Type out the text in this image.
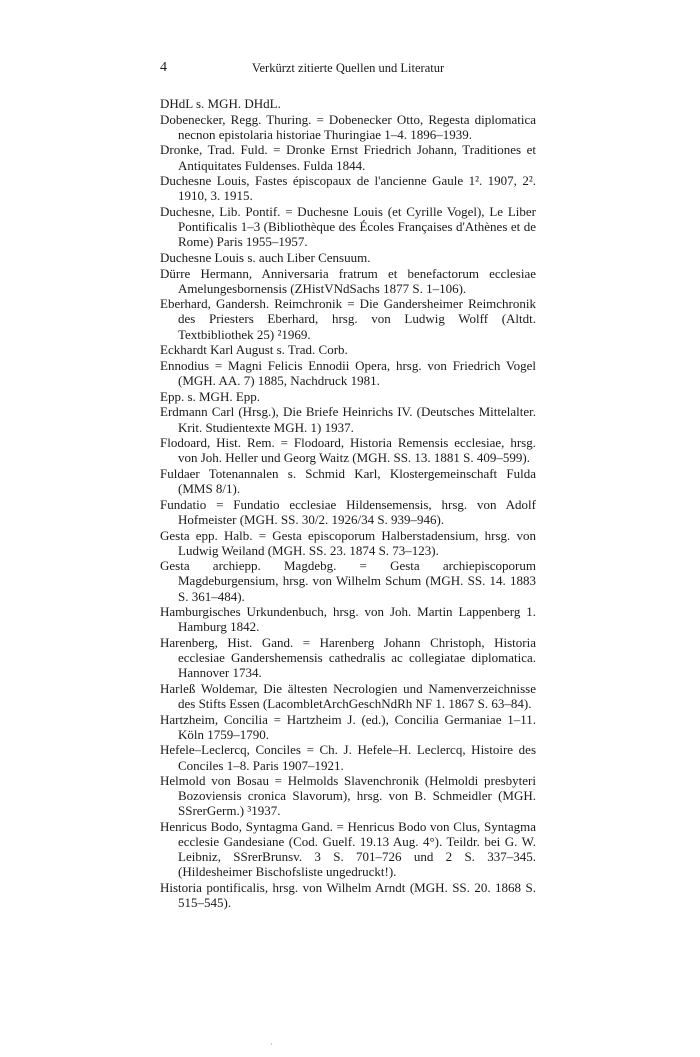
4	Verkürzt zitierte Quellen und Literatur

DHdL s. MGH. DHdL.

Dobenecker, Regg. Thuring. = Dobenecker Otto, Regesta diplomatica necnon epistolaria historiae Thuringiae 1–4. 1896–1939.

Dronke, Trad. Fuld. = Dronke Ernst Friedrich Johann, Traditiones et Antiquitates Fuldenses. Fulda 1844.

Duchesne Louis, Fastes épiscopaux de l'ancienne Gaule 1². 1907, 2². 1910, 3. 1915.

Duchesne, Lib. Pontif. = Duchesne Louis (et Cyrille Vogel), Le Liber Pontificalis 1–3 (Bibliothèque des Écoles Françaises d'Athènes et de Rome) Paris 1955–1957.

Duchesne Louis s. auch Liber Censuum.

Dürre Hermann, Anniversaria fratrum et benefactorum ecclesiae Amelungesbornensis (ZHistVNdSachs 1877 S. 1–106).

Eberhard, Gandersh. Reimchronik = Die Gandersheimer Reimchronik des Priesters Eberhard, hrsg. von Ludwig Wolff (Altdt. Textbibliothek 25) ²1969.

Eckhardt Karl August s. Trad. Corb.

Ennodius = Magni Felicis Ennodii Opera, hrsg. von Friedrich Vogel (MGH. AA. 7) 1885, Nachdruck 1981.

Epp. s. MGH. Epp.

Erdmann Carl (Hrsg.), Die Briefe Heinrichs IV. (Deutsches Mittelalter. Krit. Studientexte MGH. 1) 1937.

Flodoard, Hist. Rem. = Flodoard, Historia Remensis ecclesiae, hrsg. von Joh. Heller und Georg Waitz (MGH. SS. 13. 1881 S. 409–599).

Fuldaer Totenannalen s. Schmid Karl, Klostergemeinschaft Fulda (MMS 8/1).

Fundatio = Fundatio ecclesiae Hildensemensis, hrsg. von Adolf Hofmeister (MGH. SS. 30/2. 1926/34 S. 939–946).

Gesta epp. Halb. = Gesta episcoporum Halberstadensium, hrsg. von Ludwig Weiland (MGH. SS. 23. 1874 S. 73–123).

Gesta archiepp. Magdebg. = Gesta archiepiscoporum Magdeburgensium, hrsg. von Wilhelm Schum (MGH. SS. 14. 1883 S. 361–484).

Hamburgisches Urkundenbuch, hrsg. von Joh. Martin Lappenberg 1. Hamburg 1842.

Harenberg, Hist. Gand. = Harenberg Johann Christoph, Historia ecclesiae Gandershemensis cathedralis ac collegiatae diplomatica. Hannover 1734.

Harleß Woldemar, Die ältesten Necrologien und Namenverzeichnisse des Stifts Essen (LacombletArchGeschNdRh NF 1. 1867 S. 63–84).

Hartzheim, Concilia = Hartzheim J. (ed.), Concilia Germaniae 1–11. Köln 1759–1790.

Hefele–Leclercq, Conciles = Ch. J. Hefele–H. Leclercq, Histoire des Conciles 1–8. Paris 1907–1921.

Helmold von Bosau = Helmolds Slavenchronik (Helmoldi presbyteri Bozoviensis cronica Slavorum), hrsg. von B. Schmeidler (MGH. SSrerGerm.) ³1937.

Henricus Bodo, Syntagma Gand. = Henricus Bodo von Clus, Syntagma ecclesie Gandesiane (Cod. Guelf. 19.13 Aug. 4°). Teildr. bei G. W. Leibniz, SSrerBrunsv. 3 S. 701–726 und 2 S. 337–345. (Hildesheimer Bischofsliste ungedruckt!).

Historia pontificalis, hrsg. von Wilhelm Arndt (MGH. SS. 20. 1868 S. 515–545).

·
